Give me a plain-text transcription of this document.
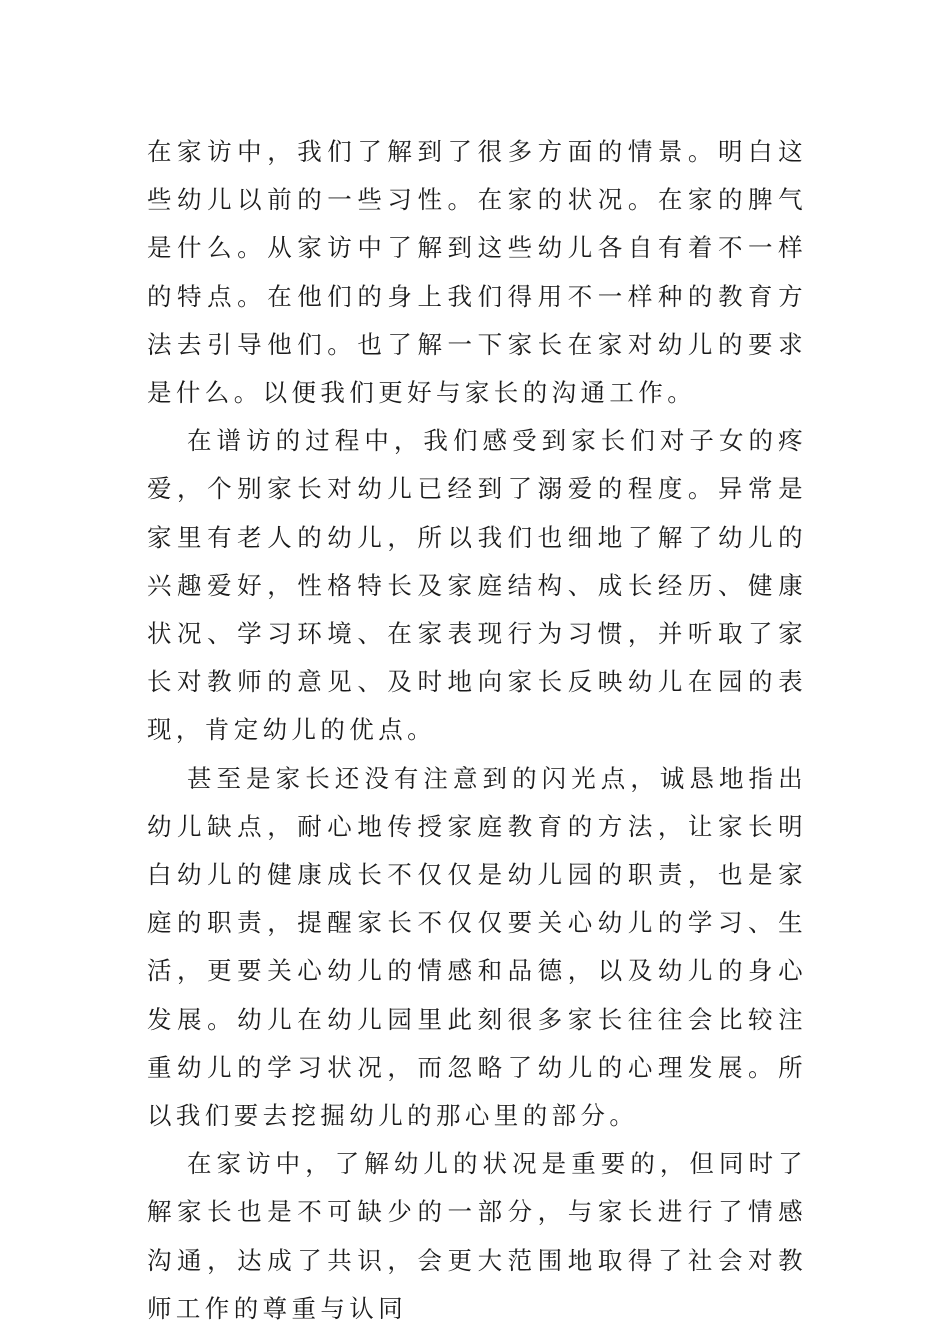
在家访中，我们了解到了很多方面的情景。明白这些幼儿以前的一些习性。在家的状况。在家的脾气是什么。从家访中了解到这些幼儿各自有着不一样的特点。在他们的身上我们得用不一样种的教育方法去引导他们。也了解一下家长在家对幼儿的要求是什么。以便我们更好与家长的沟通工作。

在谱访的过程中，我们感受到家长们对子女的疼爱，个别家长对幼儿已经到了溺爱的程度。异常是家里有老人的幼儿，所以我们也细地了解了幼儿的兴趣爱好，性格特长及家庭结构、成长经历、健康状况、学习环境、在家表现行为习惯，并听取了家长对教师的意见、及时地向家长反映幼儿在园的表现，肯定幼儿的优点。

甚至是家长还没有注意到的闪光点，诚恳地指出幼儿缺点，耐心地传授家庭教育的方法，让家长明白幼儿的健康成长不仅仅是幼儿园的职责，也是家庭的职责，提醒家长不仅仅要关心幼儿的学习、生活，更要关心幼儿的情感和品德，以及幼儿的身心发展。幼儿在幼儿园里此刻很多家长往往会比较注重幼儿的学习状况，而忽略了幼儿的心理发展。所以我们要去挖掘幼儿的那心里的部分。

在家访中，了解幼儿的状况是重要的，但同时了解家长也是不可缺少的一部分，与家长进行了情感沟通，达成了共识，会更大范围地取得了社会对教师工作的尊重与认同
